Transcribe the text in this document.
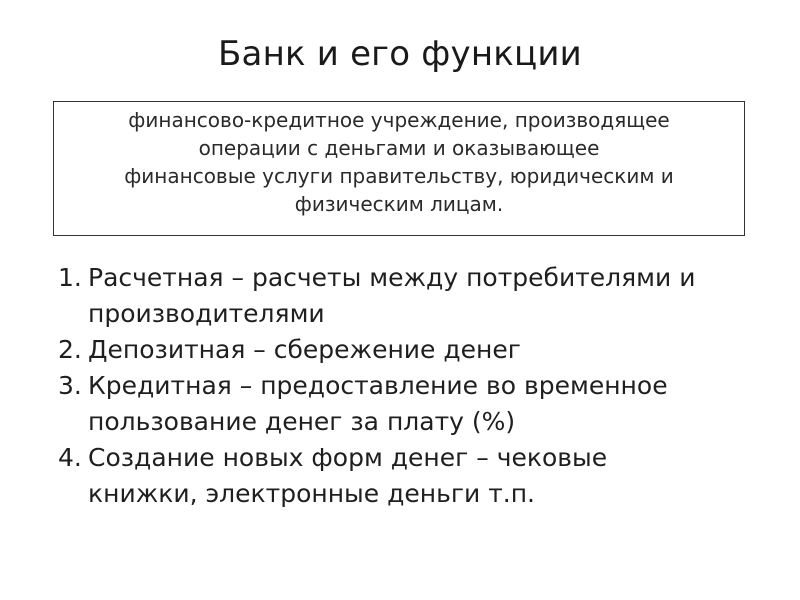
Банк и его функции
финансово-кредитное учреждение, производящее
операции с деньгами и оказывающее
финансовые услуги правительству, юридическим и
физическим лицам.
1. Расчетная – расчеты между потребителями и
производителями
2. Депозитная – сбережение денег
3. Кредитная – предоставление во временное
пользование денег за плату (%)
4. Создание новых форм денег – чековые
книжки, электронные деньги т.п.
